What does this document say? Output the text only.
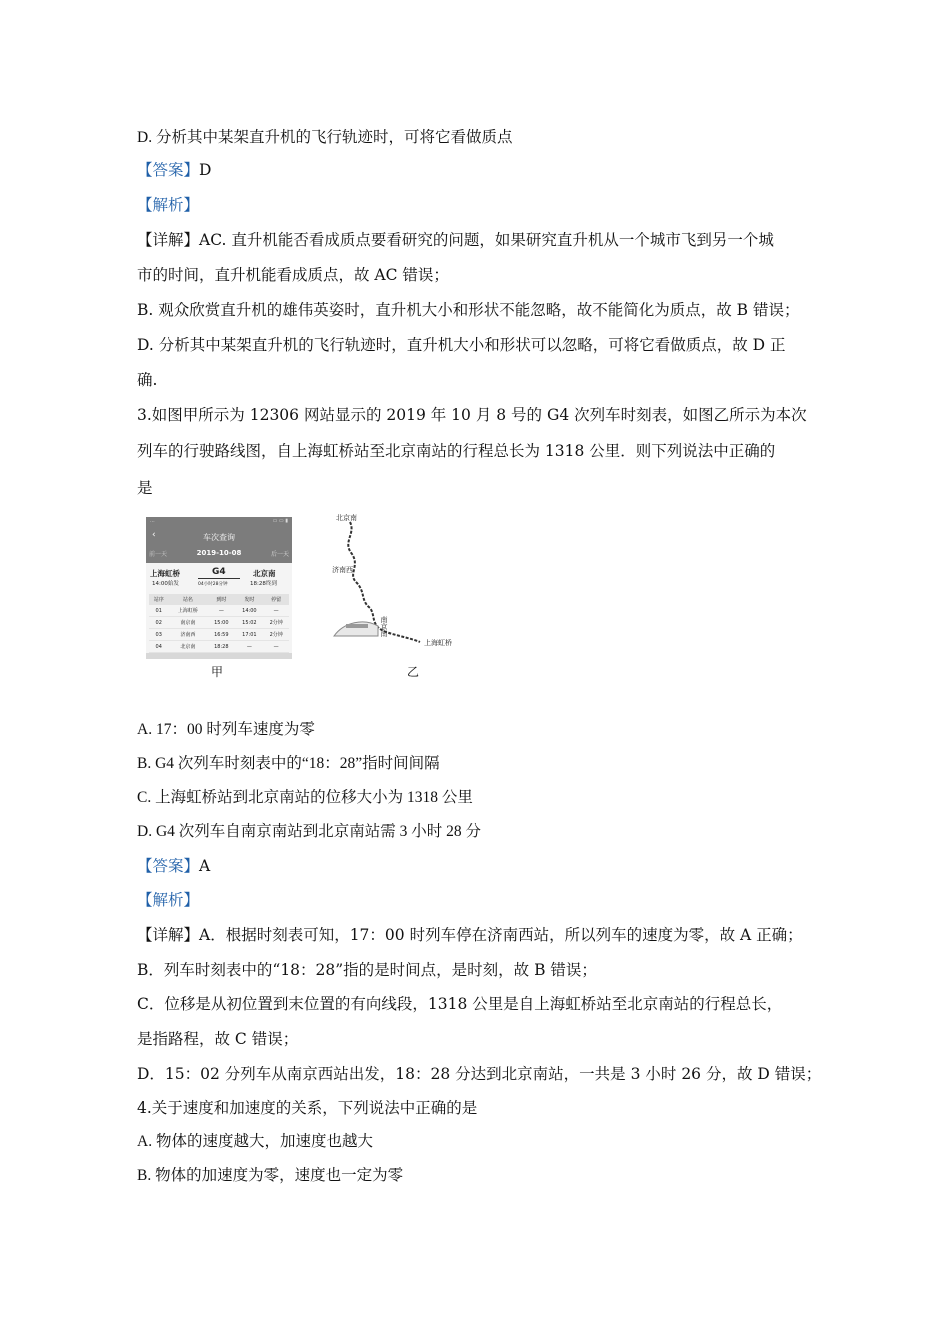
D. 分析其中某架直升机的飞行轨迹时，可将它看做质点
【答案】D
【解析】
【详解】AC. 直升机能否看成质点要看研究的问题，如果研究直升机从一个城市飞到另一个城
市的时间，直升机能看成质点，故 AC 错误；
B. 观众欣赏直升机的雄伟英姿时，直升机大小和形状不能忽略，故不能简化为质点，故 B 错误；
D. 分析其中某架直升机的飞行轨迹时，直升机大小和形状可以忽略，可将它看做质点，故 D 正
确.
3.如图甲所示为 12306 网站显示的 2019 年 10 月 8 号的 G4 次列车时刻表，如图乙所示为本次
列车的行驶路线图，自上海虹桥站至北京南站的行程总长为 1318 公里．则下列说法中正确的
是
...	▭ ▭ ▮
‹	车次查询
前一天	2019-10-08	后一天
上海虹桥
14:00始发
G4
04小时28分钟
北京南
18:28终到
站序	站名	到时	发时	停留
01	上海虹桥	—	14:00	—
02	南京南	15:00	15:02	2分钟
03	济南西	16:59	17:01	2分钟
04	北京南	18:28	—	—
甲
北京南
济南西
南京南
上海虹桥
乙
A. 17：00 时列车速度为零
B. G4 次列车时刻表中的“18：28”指时间间隔
C. 上海虹桥站到北京南站的位移大小为 1318 公里
D. G4 次列车自南京南站到北京南站需 3 小时 28 分
【答案】A
【解析】
【详解】A．根据时刻表可知，17：00 时列车停在济南西站，所以列车的速度为零，故 A 正确；
B．列车时刻表中的“18：28”指的是时间点，是时刻，故 B 错误；
C．位移是从初位置到末位置的有向线段，1318 公里是自上海虹桥站至北京南站的行程总长，
是指路程，故 C 错误；
D．15：02 分列车从南京西站出发，18：28 分达到北京南站，一共是 3 小时 26 分，故 D 错误；
4.关于速度和加速度的关系，下列说法中正确的是
A. 物体的速度越大，加速度也越大
B. 物体的加速度为零，速度也一定为零
